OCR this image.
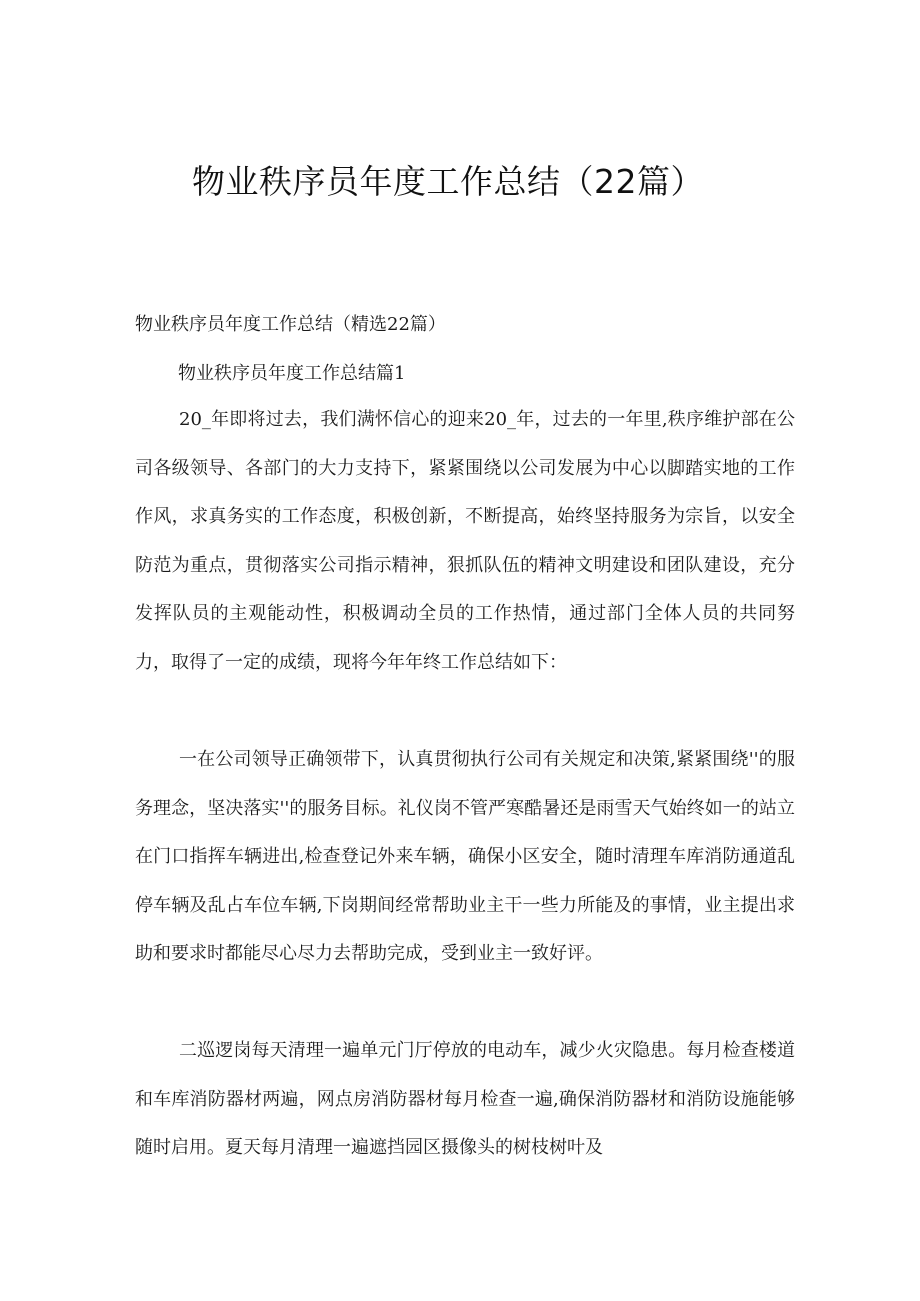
物业秩序员年度工作总结（22篇）
物业秩序员年度工作总结（精选22篇）
物业秩序员年度工作总结篇1

20_年即将过去，我们满怀信心的迎来20_年，过去的一年里,秩序维护部在公司各级领导、各部门的大力支持下，紧紧围绕以公司发展为中心以脚踏实地的工作作风，求真务实的工作态度，积极创新，不断提高，始终坚持服务为宗旨，以安全防范为重点，贯彻落实公司指示精神，狠抓队伍的精神文明建设和团队建设，充分发挥队员的主观能动性，积极调动全员的工作热情，通过部门全体人员的共同努力，取得了一定的成绩，现将今年年终工作总结如下：

一在公司领导正确领带下，认真贯彻执行公司有关规定和决策,紧紧围绕''的服务理念，坚决落实''的服务目标。礼仪岗不管严寒酷暑还是雨雪天气始终如一的站立在门口指挥车辆进出,检查登记外来车辆，确保小区安全，随时清理车库消防通道乱停车辆及乱占车位车辆,下岗期间经常帮助业主干一些力所能及的事情，业主提出求助和要求时都能尽心尽力去帮助完成，受到业主一致好评。

二巡逻岗每天清理一遍单元门厅停放的电动车，减少火灾隐患。每月检查楼道和车库消防器材两遍，网点房消防器材每月检查一遍,确保消防器材和消防设施能够随时启用。夏天每月清理一遍遮挡园区摄像头的树枝树叶及
